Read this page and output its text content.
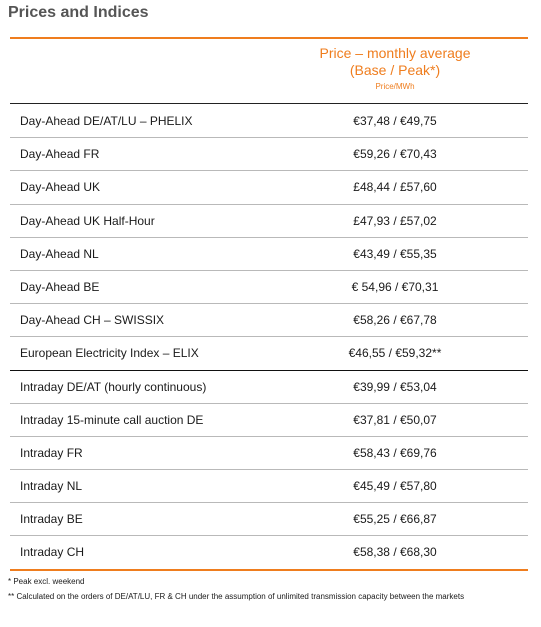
Prices and Indices
Price – monthly average
(Base / Peak*)
Price/MWh
Day-Ahead DE/AT/LU – PHELIX	€37,48 / €49,75
Day-Ahead FR	€59,26 / €70,43
Day-Ahead UK	£48,44 / £57,60
Day-Ahead UK Half-Hour	£47,93 / £57,02
Day-Ahead NL	€43,49 / €55,35
Day-Ahead BE	€ 54,96 / €70,31
Day-Ahead CH – SWISSIX	€58,26 / €67,78
European Electricity Index – ELIX	€46,55 / €59,32**
Intraday DE/AT (hourly continuous)	€39,99 / €53,04
Intraday 15-minute call auction DE	€37,81 / €50,07
Intraday FR	€58,43 / €69,76
Intraday NL	€45,49 / €57,80
Intraday BE	€55,25 / €66,87
Intraday CH	€58,38 / €68,30
* Peak excl. weekend
** Calculated on the orders of DE/AT/LU, FR & CH under the assumption of unlimited transmission capacity between the markets
